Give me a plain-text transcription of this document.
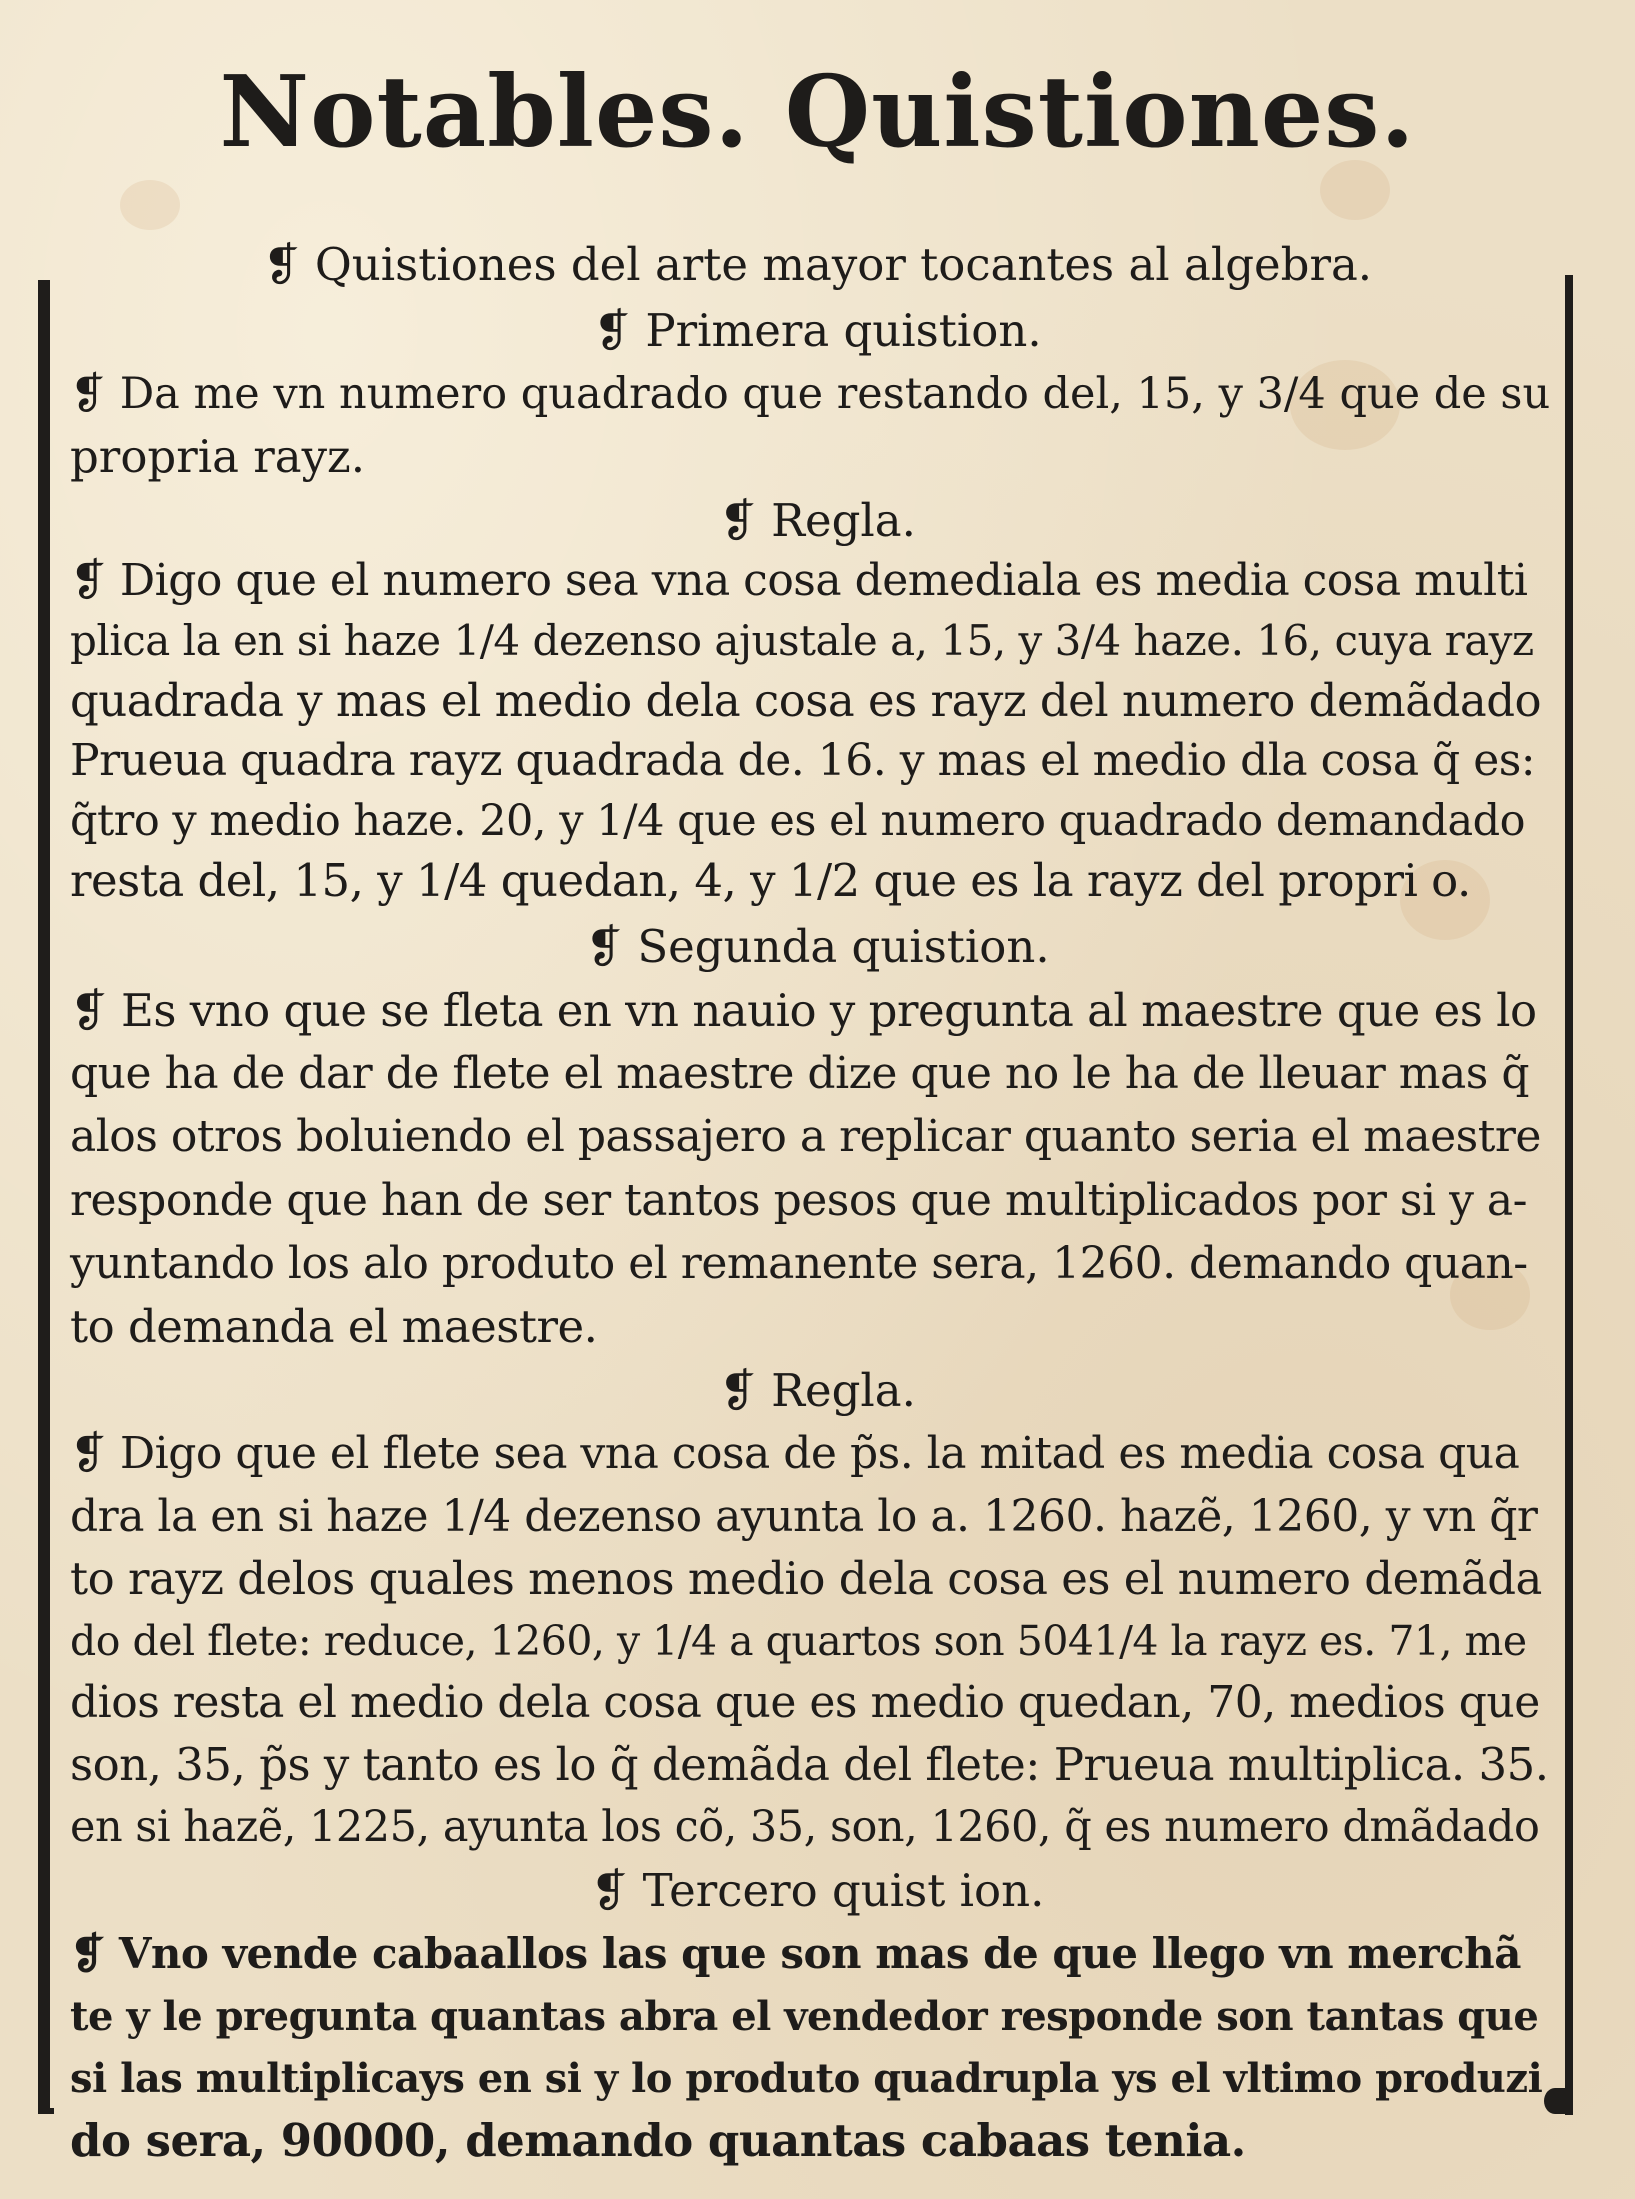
Notables. Quistiones.
❡ Quistiones del arte mayor tocantes al algebra.
❡ Primera quistion.
❡ Da me vn numero quadrado que restando del, 15, y 3/4 que de su
propria rayz.
❡ Regla.
❡ Digo que el numero sea vna cosa demediala es media cosa multi
plica la en si haze 1/4 dezenso ajustale a, 15, y 3/4 haze. 16, cuya rayz
quadrada y mas el medio dela cosa es rayz del numero demãdado
Prueua quadra rayz quadrada de. 16. y mas el medio dla cosa q̃ es:
q̃tro y medio haze. 20, y 1/4 que es el numero quadrado demandado
resta del, 15, y 1/4 quedan, 4, y 1/2 que es la rayz del propri o.
❡ Segunda quistion.
❡ Es vno que se fleta en vn nauio y pregunta al maestre que es lo
que ha de dar de flete el maestre dize que no le ha de lleuar mas q̃
alos otros boluiendo el passajero a replicar quanto seria el maestre
responde que han de ser tantos pesos que multiplicados por si y a-
yuntando los alo produto el remanente sera, 1260. demando quan-
to demanda el maestre.
❡ Regla.
❡ Digo que el flete sea vna cosa de p̃s. la mitad es media cosa qua
dra la en si haze 1/4 dezenso ayunta lo a. 1260. hazẽ, 1260, y vn q̃r
to rayz delos quales menos medio dela cosa es el numero demãda
do del flete: reduce, 1260, y 1/4 a quartos son 5041/4 la rayz es. 71, me
dios resta el medio dela cosa que es medio quedan, 70, medios que
son, 35, p̃s y tanto es lo q̃ demãda del flete: Prueua multiplica. 35.
en si hazẽ, 1225, ayunta los cõ, 35, son, 1260, q̃ es numero dmãdado
❡ Tercero quist ion.
❡ Vno vende cabaallos las que son mas de que llego vn merchã
te y le pregunta quantas abra el vendedor responde son tantas que
si las multiplicays en si y lo produto quadrupla ys el vltimo produzi
do sera, 90000, demando quantas cabaas tenia.
